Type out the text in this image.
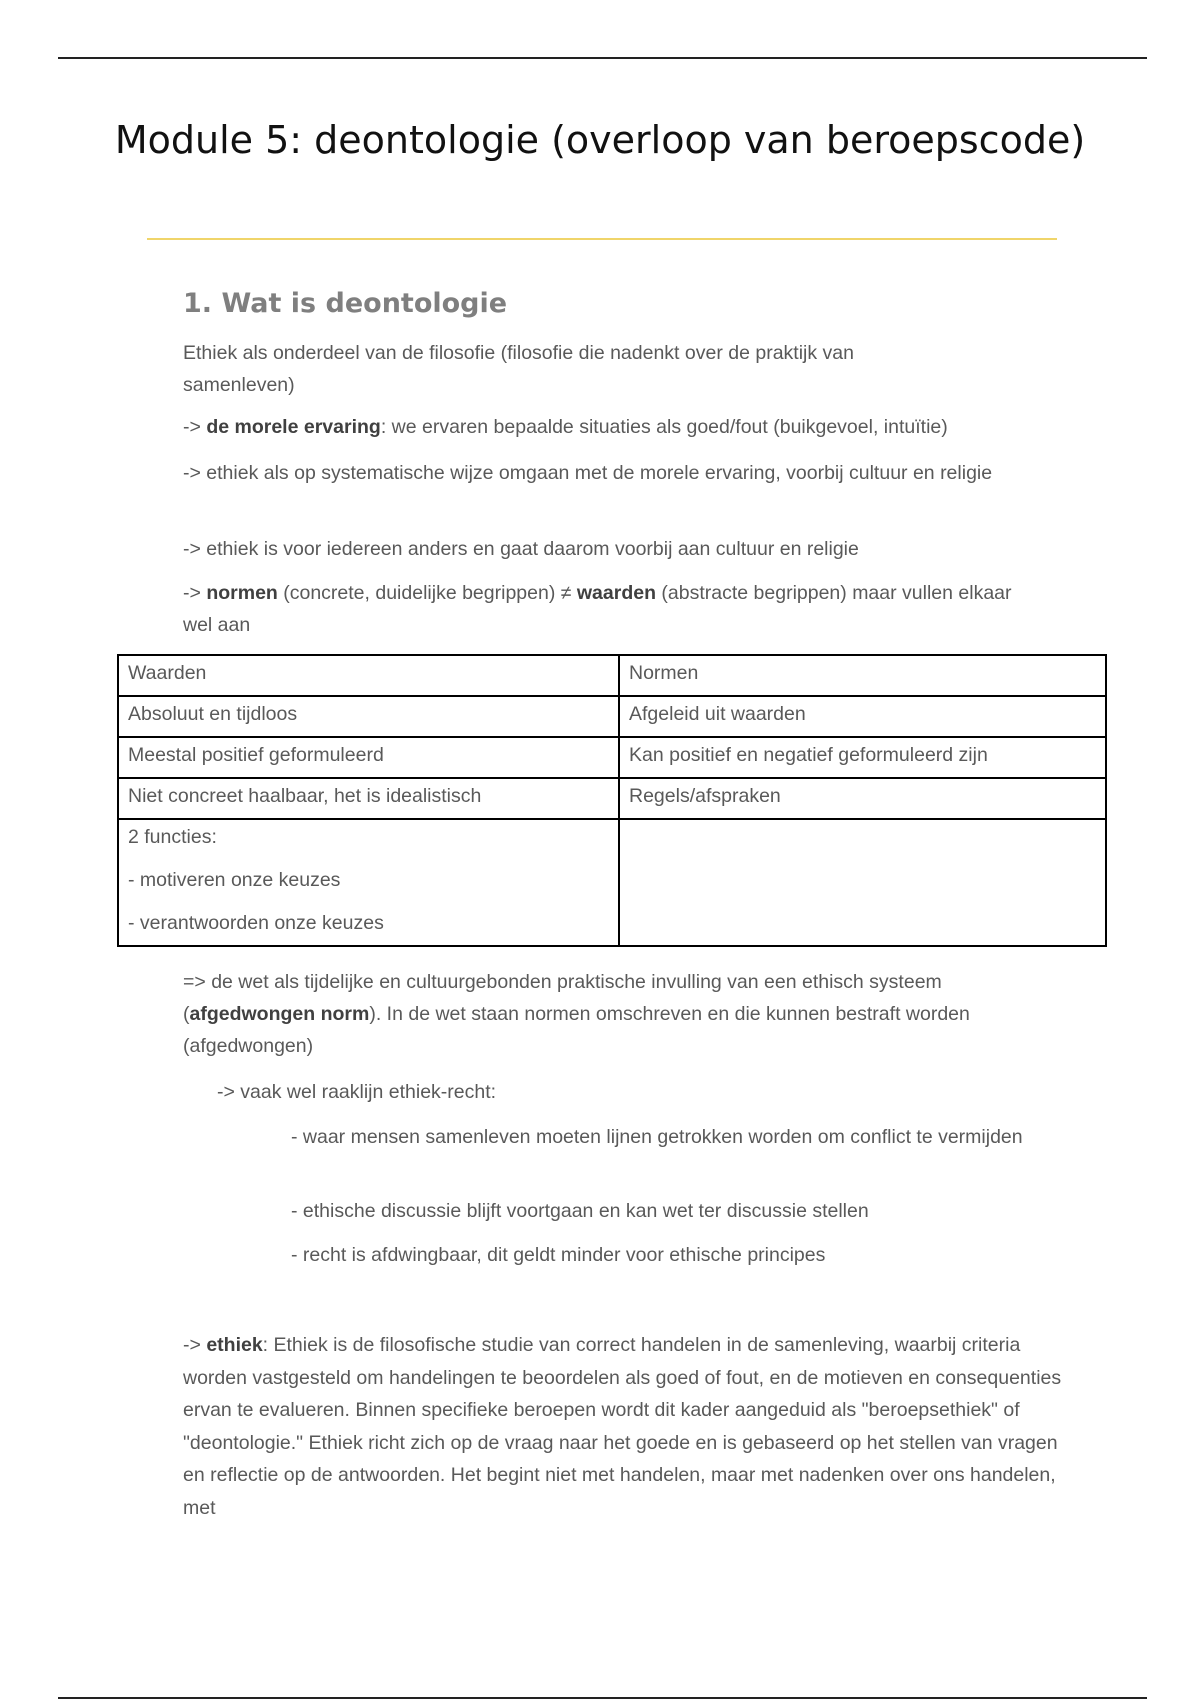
Module 5: deontologie (overloop van beroepscode)
1. Wat is deontologie
Ethiek als onderdeel van de filosofie (filosofie die nadenkt over de praktijk van samenleven)
-> de morele ervaring: we ervaren bepaalde situaties als goed/fout (buikgevoel, intuïtie)
-> ethiek als op systematische wijze omgaan met de morele ervaring, voorbij cultuur en religie
-> ethiek is voor iedereen anders en gaat daarom voorbij aan cultuur en religie
-> normen (concrete, duidelijke begrippen) ≠ waarden (abstracte begrippen) maar vullen elkaar wel aan
Waarden	Normen
Absoluut en tijdloos	Afgeleid uit waarden
Meestal positief geformuleerd	Kan positief en negatief geformuleerd zijn
Niet concreet haalbaar, het is idealistisch	Regels/afspraken

2 functies:

- motiveren onze keuzes

- verantwoorden onze keuzes	

=> de wet als tijdelijke en cultuurgebonden praktische invulling van een ethisch systeem (afgedwongen norm). In de wet staan normen omschreven en die kunnen bestraft worden (afgedwongen)
-> vaak wel raaklijn ethiek-recht:
- waar mensen samenleven moeten lijnen getrokken worden om conflict te vermijden
- ethische discussie blijft voortgaan en kan wet ter discussie stellen
- recht is afdwingbaar, dit geldt minder voor ethische principes
-> ethiek: Ethiek is de filosofische studie van correct handelen in de samenleving, waarbij criteria worden vastgesteld om handelingen te beoordelen als goed of fout, en de motieven en consequenties ervan te evalueren. Binnen specifieke beroepen wordt dit kader aangeduid als "beroepsethiek" of "deontologie." Ethiek richt zich op de vraag naar het goede en is gebaseerd op het stellen van vragen en reflectie op de antwoorden. Het begint niet met handelen, maar met nadenken over ons handelen, met
